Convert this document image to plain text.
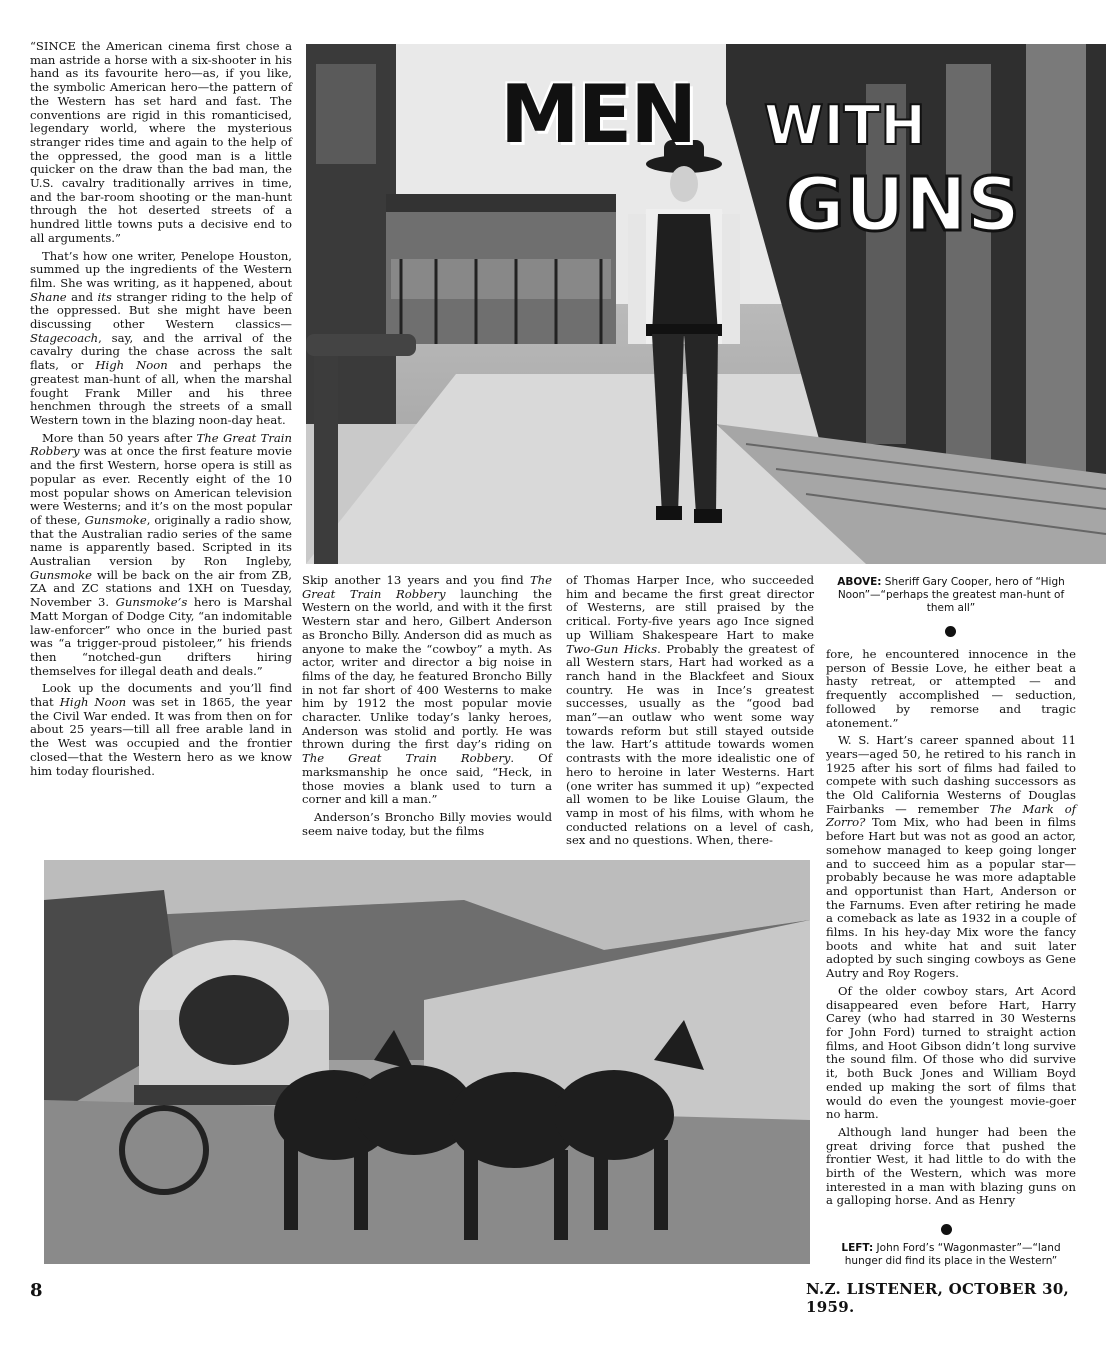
MEN WITH
GUNS

“SINCE the American cinema first chose a man astride a horse with a six-shooter in his hand as its favourite hero—as, if you like, the symbolic American hero—the pattern of the Western has set hard and fast. The conventions are rigid in this romanticised, legendary world, where the mysterious stranger rides time and again to the help of the oppressed, the good man is a little quicker on the draw than the bad man, the U.S. cavalry traditionally arrives in time, and the bar-room shooting or the man-hunt through the hot deserted streets of a hundred little towns puts a decisive end to all arguments.”

That’s how one writer, Penelope Houston, summed up the ingredients of the Western film. She was writing, as it happened, about Shane and its stranger riding to the help of the oppressed. But she might have been discussing other Western classics—Stagecoach, say, and the arrival of the cavalry during the chase across the salt flats, or High Noon and perhaps the greatest man-hunt of all, when the marshal fought Frank Miller and his three henchmen through the streets of a small Western town in the blazing noon-day heat.

More than 50 years after The Great Train Robbery was at once the first feature movie and the first Western, horse opera is still as popular as ever. Recently eight of the 10 most popular shows on American television were Westerns; and it’s on the most popular of these, Gunsmoke, originally a radio show, that the Australian radio series of the same name is apparently based. Scripted in its Australian version by Ron Ingleby, Gunsmoke will be back on the air from ZB, ZA and ZC stations and 1XH on Tuesday, November 3. Gunsmoke’s hero is Marshal Matt Morgan of Dodge City, “an indomitable law-enforcer” who once in the buried past was “a trigger-proud pistoleer,” his friends then “notched-gun drifters hiring themselves for illegal death and deals.”

Look up the documents and you’ll find that High Noon was set in 1865, the year the Civil War ended. It was from then on for about 25 years—till all free arable land in the West was occupied and the frontier closed—that the Western hero as we know him today flourished.

Skip another 13 years and you find The Great Train Robbery launching the Western on the world, and with it the first Western star and hero, Gilbert Anderson as Broncho Billy. Anderson did as much as anyone to make the “cowboy” a myth. As actor, writer and director a big noise in films of the day, he featured Broncho Billy in not far short of 400 Westerns to make him by 1912 the most popular movie character. Unlike today’s lanky heroes, Anderson was stolid and portly. He was thrown during the first day’s riding on The Great Train Robbery. Of marksmanship he once said, “Heck, in those movies a blank used to turn a corner and kill a man.”

Anderson’s Broncho Billy movies would seem naive today, but the films

of Thomas Harper Ince, who succeeded him and became the first great director of Westerns, are still praised by the critical. Forty-five years ago Ince signed up William Shakespeare Hart to make Two-Gun Hicks. Probably the greatest of all Western stars, Hart had worked as a ranch hand in the Blackfeet and Sioux country. He was in Ince’s greatest successes, usually as the “good bad man”—an outlaw who went some way towards reform but still stayed outside the law. Hart’s attitude towards women contrasts with the more idealistic one of hero to heroine in later Westerns. Hart (one writer has summed it up) “expected all women to be like Louise Glaum, the vamp in most of his films, with whom he conducted relations on a level of cash, sex and no questions. When, there-

ABOVE: Sheriff Gary Cooper, hero of “High Noon”—“perhaps the greatest man-hunt of them all”

fore, he encountered innocence in the person of Bessie Love, he either beat a hasty retreat, or attempted — and frequently accomplished — seduction, followed by remorse and tragic atonement.”

W. S. Hart’s career spanned about 11 years—aged 50, he retired to his ranch in 1925 after his sort of films had failed to compete with such dashing successors as the Old California Westerns of Douglas Fairbanks — remember The Mark of Zorro? Tom Mix, who had been in films before Hart but was not as good an actor, somehow managed to keep going longer and to succeed him as a popular star—probably because he was more adaptable and opportunist than Hart, Anderson or the Farnums. Even after retiring he made a comeback as late as 1932 in a couple of films. In his hey-day Mix wore the fancy boots and white hat and suit later adopted by such singing cowboys as Gene Autry and Roy Rogers.

Of the older cowboy stars, Art Acord disappeared even before Hart, Harry Carey (who had starred in 30 Westerns for John Ford) turned to straight action films, and Hoot Gibson didn’t long survive the sound film. Of those who did survive it, both Buck Jones and William Boyd ended up making the sort of films that would do even the youngest movie-goer no harm.

Although land hunger had been the great driving force that pushed the frontier West, it had little to do with the birth of the Western, which was more interested in a man with blazing guns on a galloping horse. And as Henry

LEFT: John Ford’s “Wagonmaster”—“land hunger did find its place in the Western”
8	N.Z. LISTENER, OCTOBER 30, 1959.
